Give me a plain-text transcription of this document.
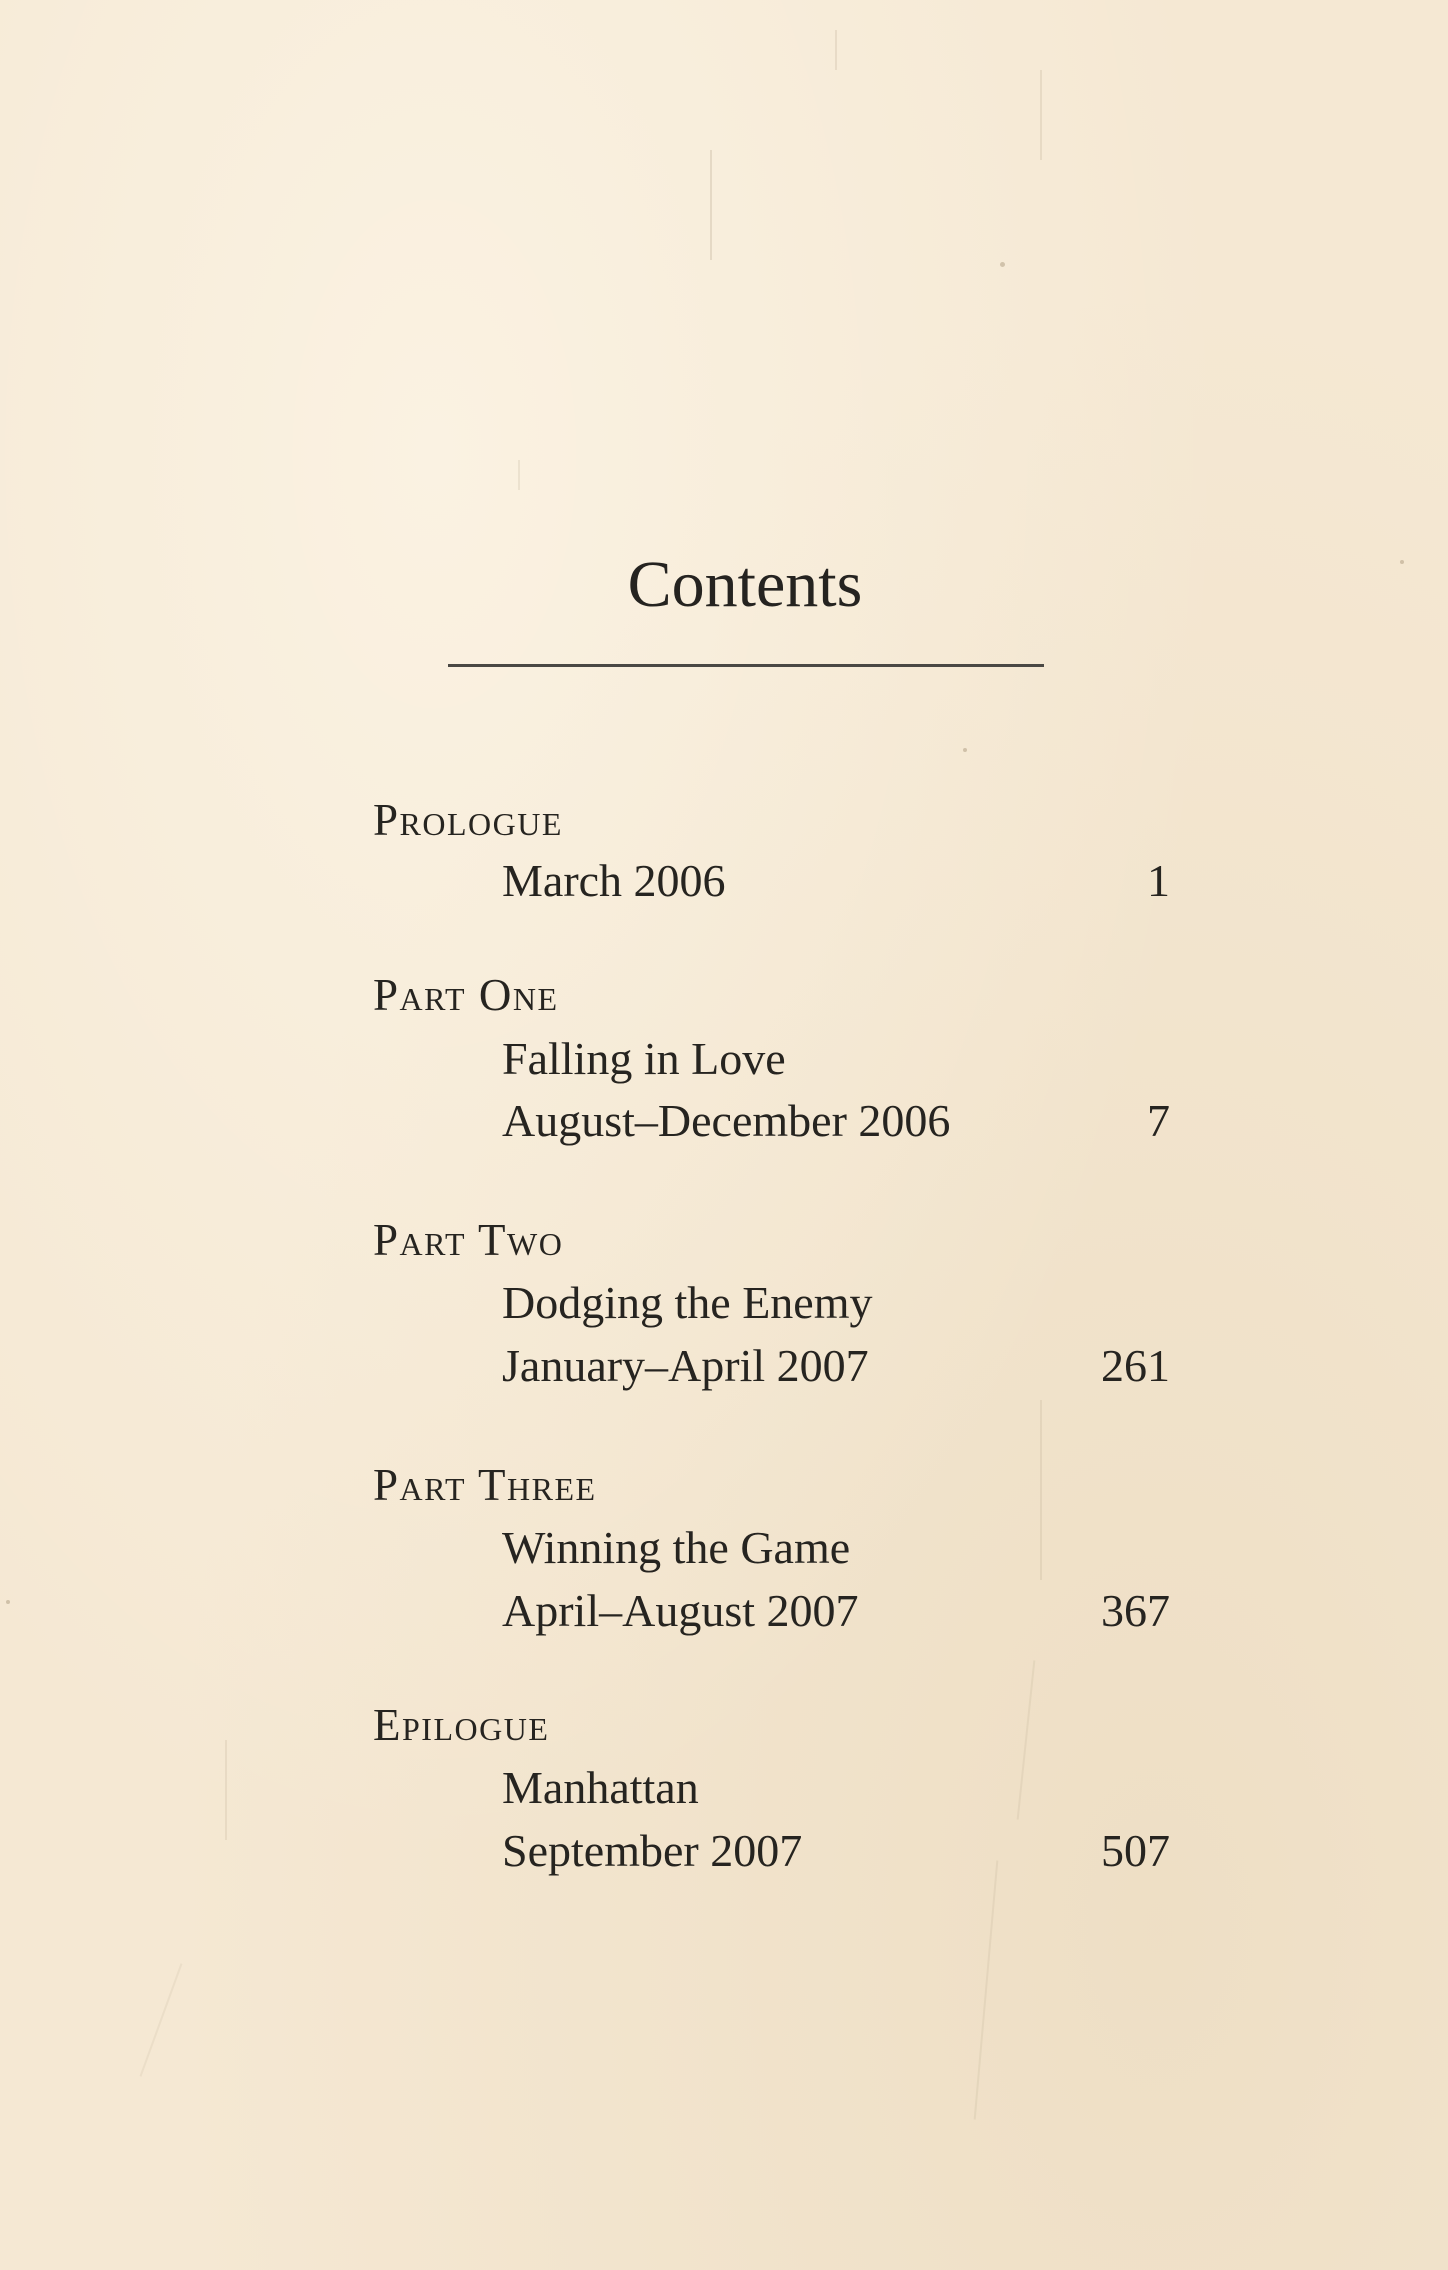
Contents
Prologue
March 2006	1
Part One
Falling in Love
August–December 2006	7
Part Two
Dodging the Enemy
January–April 2007	261
Part Three
Winning the Game
April–August 2007	367
Epilogue
Manhattan
September 2007	507
